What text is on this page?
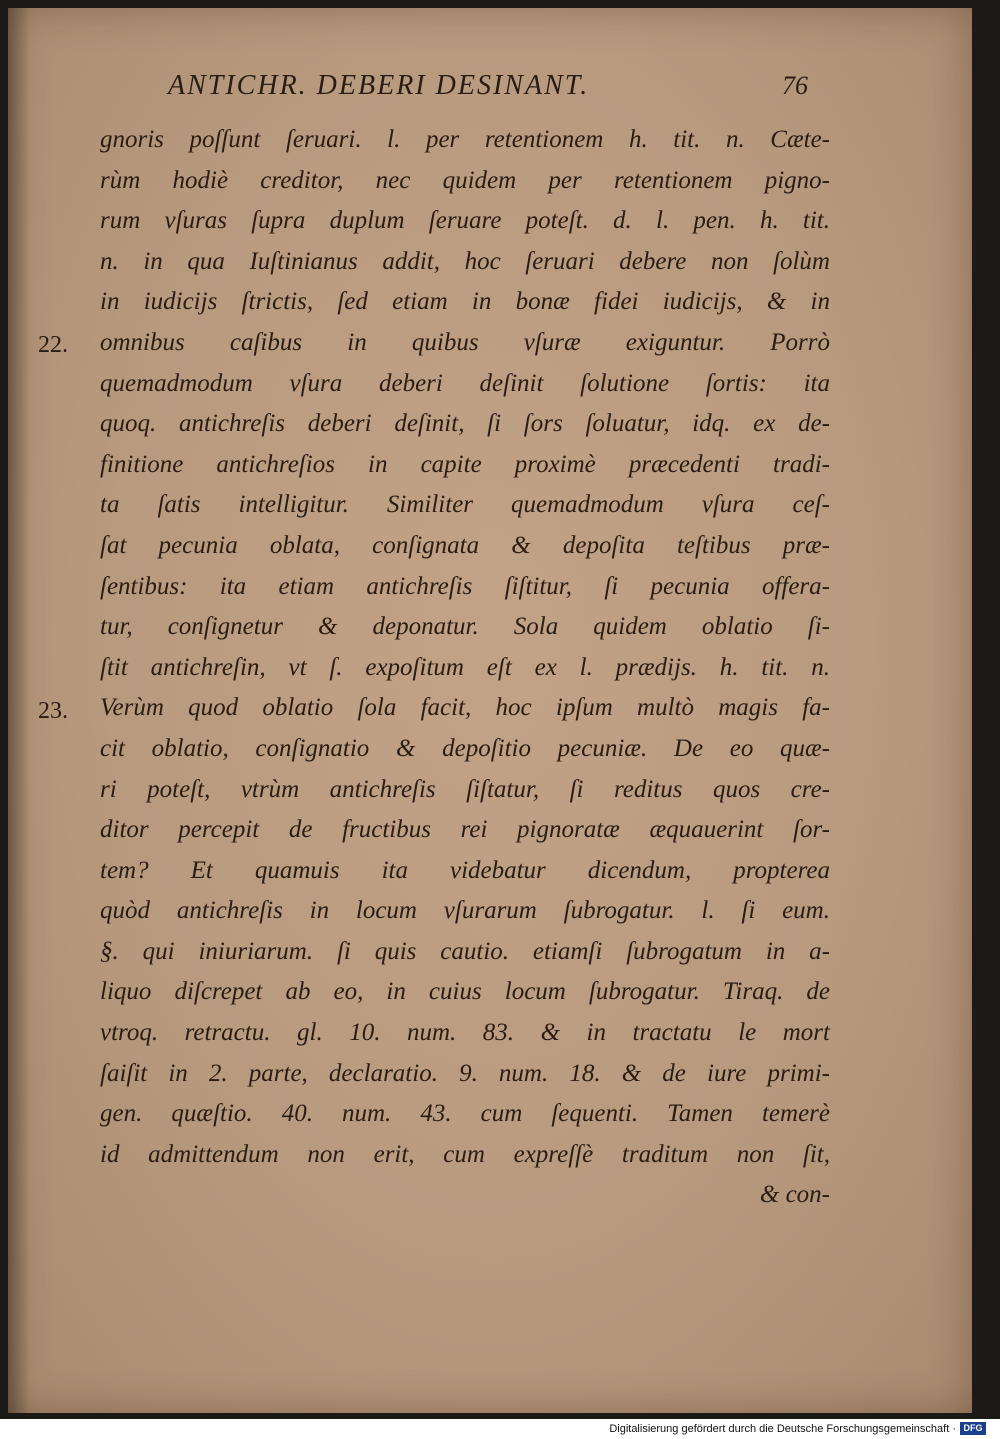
ANTICHR. DEBERI DESINANT.	76
22.
23.
gnoris poſſunt ſeruari. l. per retentionem h. tit. n. Cæte-
rùm hodiè creditor, nec quidem per retentionem pigno-
rum vſuras ſupra duplum ſeruare poteſt. d. l. pen. h. tit.
n. in qua Iuſtinianus addit, hoc ſeruari debere non ſolùm
in iudicijs ſtrictis, ſed etiam in bonæ fidei iudicijs, & in
omnibus caſibus in quibus vſuræ exiguntur. Porrò
quemadmodum vſura deberi deſinit ſolutione ſortis: ita
quoq. antichreſis deberi deſinit, ſi ſors ſoluatur, idq. ex de-
finitione antichreſios in capite proximè præcedenti tradi-
ta ſatis intelligitur. Similiter quemadmodum vſura ceſ-
ſat pecunia oblata, conſignata & depoſita teſtibus præ-
ſentibus: ita etiam antichreſis ſiſtitur, ſi pecunia offera-
tur, conſignetur & deponatur. Sola quidem oblatio ſi-
ſtit antichreſin, vt ſ. expoſitum eſt ex l. prædijs. h. tit. n.
Verùm quod oblatio ſola facit, hoc ipſum multò magis fa-
cit oblatio, conſignatio & depoſitio pecuniæ. De eo quæ-
ri poteſt, vtrùm antichreſis ſiſtatur, ſi reditus quos cre-
ditor percepit de fructibus rei pignoratæ æquauerint ſor-
tem? Et quamuis ita videbatur dicendum, propterea
quòd antichreſis in locum vſurarum ſubrogatur. l. ſi eum.
§. qui iniuriarum. ſi quis cautio. etiamſi ſubrogatum in a-
liquo diſcrepet ab eo, in cuius locum ſubrogatur. Tiraq. de
vtroq. retractu. gl. 10. num. 83. & in tractatu le mort
ſaiſit in 2. parte, declaratio. 9. num. 18. & de iure primi-
gen. quæſtio. 40. num. 43. cum ſequenti. Tamen temerè
id admittendum non erit, cum expreſſè traditum non ſit,
& con-
Digitalisierung gefördert durch die Deutsche Forschungsgemeinschaft · DFG
